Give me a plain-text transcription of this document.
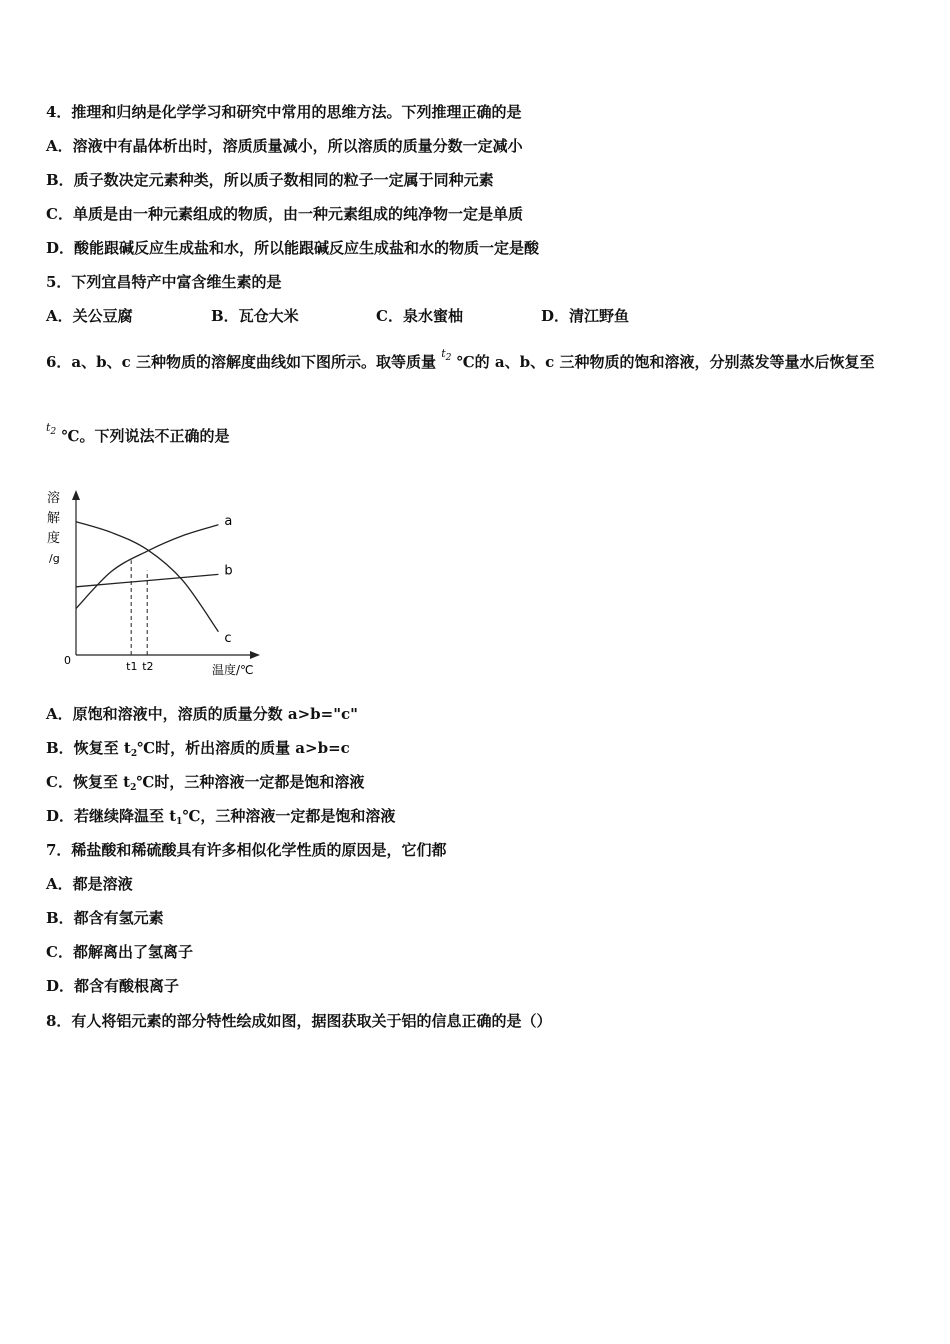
4．推理和归纳是化学学习和研究中常用的思维方法。下列推理正确的是
A．溶液中有晶体析出时，溶质质量减小，所以溶质的质量分数一定减小
B．质子数决定元素种类，所以质子数相同的粒子一定属于同种元素
C．单质是由一种元素组成的物质，由一种元素组成的纯净物一定是单质
D．酸能跟碱反应生成盐和水，所以能跟碱反应生成盐和水的物质一定是酸
5．下列宜昌特产中富含维生素的是
A．关公豆腐	B．瓦仓大米	C．泉水蜜柚	D．清江野鱼
6．a、b、c 三种物质的溶解度曲线如下图所示。取等质量 $^{t_2}$ ℃的 a、b、c 三种物质的饱和溶液，分别蒸发等量水后恢复至
$^{t_2}$ ℃。下列说法不正确的是
溶
解
度
/g
0
温度/℃
a
b
c
t1 t2
A．原饱和溶液中，溶质的质量分数 a>b="c"
B．恢复至 $t_2℃$时，析出溶质的质量 a>b=c
C．恢复至 $t_2℃$时，三种溶液一定都是饱和溶液
D．若继续降温至 $t_1℃$，三种溶液一定都是饱和溶液
7．稀盐酸和稀硫酸具有许多相似化学性质的原因是，它们都
A．都是溶液
B．都含有氢元素
C．都解离出了氢离子
D．都含有酸根离子
8．有人将铝元素的部分特性绘成如图，据图获取关于铝的信息正确的是（）
